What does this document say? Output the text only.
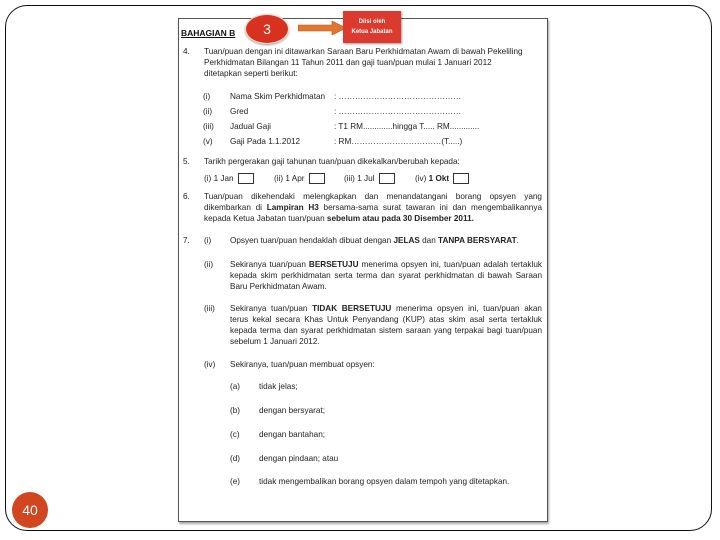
BAHAGIAN B
4. Tuan/puan dengan ini ditawarkan Saraan Baru Perkhidmatan Awam di bawah Pekeliling
Perkhidmatan Bilangan 11 Tahun 2011 dan gaji tuan/puan mulai 1 Januari 2012
ditetapkan seperti berikut:
(i) Nama Skim Perkhidmatan : ………………………………………
(ii) Gred	: ………………………………………
(iii) Jadual Gaji	: T1 RM.............hingga T..... RM.............
(v) Gaji Pada 1.1.2012	: RM……………………………(T.....)
5. Tarikh pergerakan gaji tahunan tuan/puan dikekalkan/berubah kepada:
(i) 1 Jan	(ii) 1 Apr	(iii) 1 Jul	(iv) 1 Okt
6. Tuan/puan dikehendaki melengkapkan dan menandatangani borang opsyen yang dikembarkan di Lampiran H3 bersama-sama surat tawaran ini dan mengembalikannya kepada Ketua Jabatan tuan/puan sebelum atau pada 30 Disember 2011.
7. (i) Opsyen tuan/puan hendaklah dibuat dengan JELAS dan TANPA BERSYARAT.
(ii) Sekiranya tuan/puan BERSETUJU menerima opsyen ini, tuan/puan adalah tertakluk kepada skim perkhidmatan serta terma dan syarat perkhidmatan di bawah Saraan Baru Perkhidmatan Awam.
(iii) Sekiranya tuan/puan TIDAK BERSETUJU menerima opsyen ini, tuan/puan akan terus kekal secara Khas Untuk Penyandang (KUP) atas skim asal serta tertakluk kepada terma dan syarat perkhidmatan sistem saraan yang terpakai bagi tuan/puan sebelum 1 Januari 2012.
(iv) Sekiranya, tuan/puan membuat opsyen:
(a) tidak jelas;
(b) dengan bersyarat;
(c) dengan bantahan;
(d) dengan pindaan; atau
(e) tidak mengembalikan borang opsyen dalam tempoh yang ditetapkan.
3	Diisi oleh
Ketua Jabatan
40
